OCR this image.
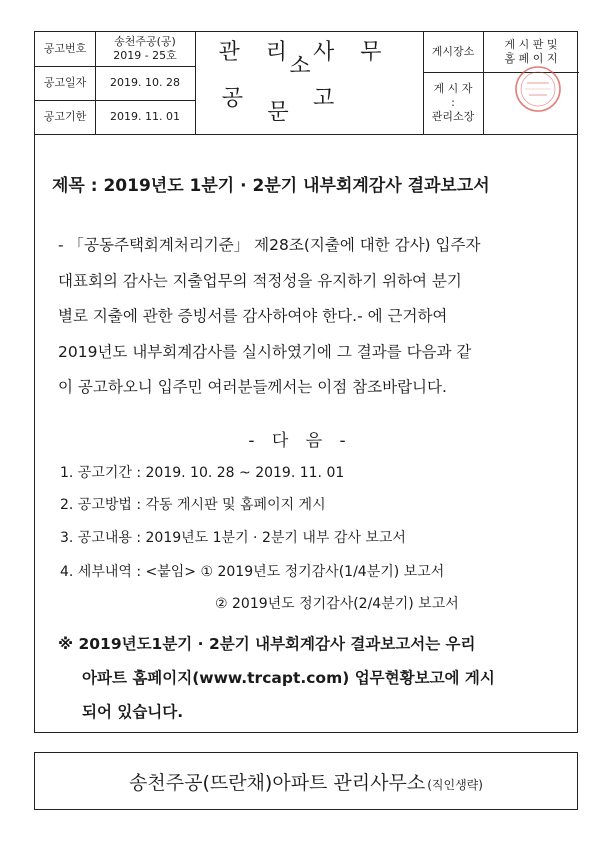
공고번호
공고일자
공고기한
송천주공(공)
2019 - 25호
2019. 10. 28
2019. 11. 01
관리사무소
공고문
게시장소
게 시 자
:
관리소장
게 시 판 및
홈 페 이 지
제목 : 2019년도 1분기 · 2분기 내부회계감사 결과보고서
- 「공동주택회계처리기준」 제28조(지출에 대한 감사) 입주자
대표회의 감사는 지출업무의 적정성을 유지하기 위하여 분기
별로 지출에 관한 증빙서를 감사하여야 한다.- 에 근거하여
2019년도 내부회계감사를 실시하였기에 그 결과를 다음과 같
이 공고하오니 입주민 여러분들께서는 이점 참조바랍니다.
- 다 음 -
1. 공고기간 : 2019. 10. 28 ~ 2019. 11. 01
2. 공고방법 : 각동 게시판 및 홈페이지 게시
3. 공고내용 : 2019년도 1분기 · 2분기 내부 감사 보고서
4. 세부내역 : <붙임> ① 2019년도 정기감사(1/4분기) 보고서
② 2019년도 정기감사(2/4분기) 보고서
※ 2019년도1분기 · 2분기 내부회계감사 결과보고서는 우리
아파트 홈페이지(www.trcapt.com) 업무현황보고에 게시
되어 있습니다.
송천주공(뜨란채)아파트 관리사무소 (직인생략)
